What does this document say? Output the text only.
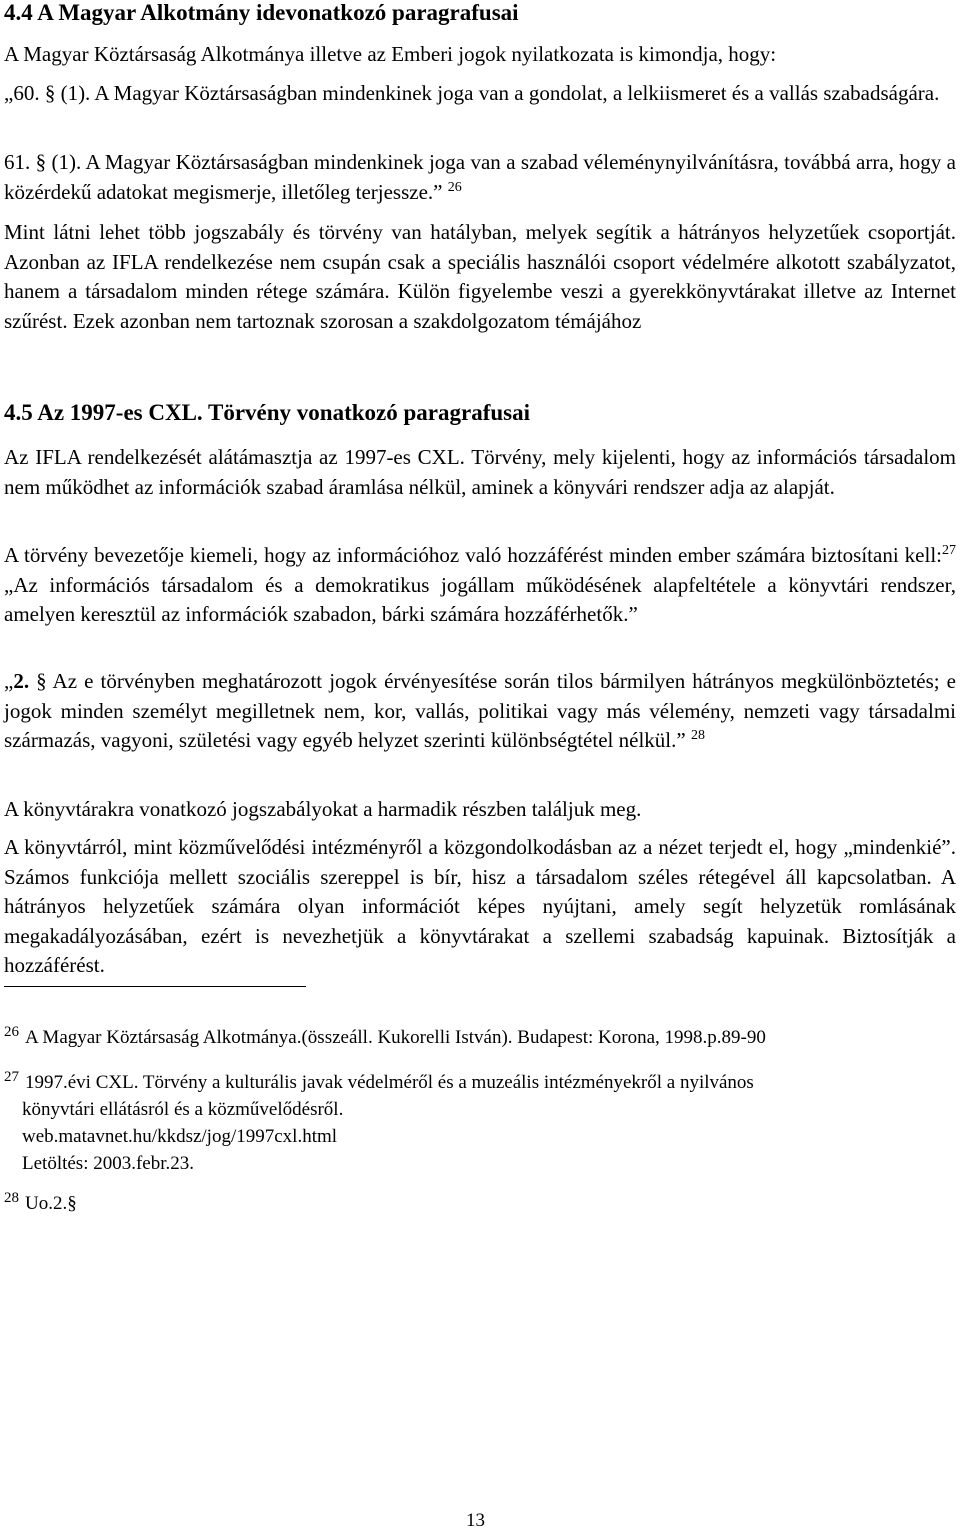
4.4 A Magyar Alkotmány idevonatkozó paragrafusai

A Magyar Köztársaság Alkotmánya illetve az Emberi jogok nyilatkozata is kimondja, hogy:

„60. § (1). A Magyar Köztársaságban mindenkinek joga van a gondolat, a lelkiismeret és a vallás szabadságára.

61. § (1). A Magyar Köztársaságban mindenkinek joga van a szabad véleménynyilvánításra, továbbá arra, hogy a közérdekű adatokat megismerje, illetőleg terjessze.” $^{26}$

Mint látni lehet több jogszabály és törvény van hatályban, melyek segítik a hátrányos helyzetűek csoportját. Azonban az IFLA rendelkezése nem csupán csak a speciális használói csoport védelmére alkotott szabályzatot, hanem a társadalom minden rétege számára. Külön figyelembe veszi a gyerekkönyvtárakat illetve az Internet szűrést. Ezek azonban nem tartoznak szorosan a szakdolgozatom témájához

4.5 Az 1997-es CXL. Törvény vonatkozó paragrafusai

Az IFLA rendelkezését alátámasztja az 1997-es CXL. Törvény, mely kijelenti, hogy az információs társadalom nem működhet az információk szabad áramlása nélkül, aminek a könyvári rendszer adja az alapját.

A törvény bevezetője kiemeli, hogy az információhoz való hozzáférést minden ember számára biztosítani kell:$^{27}$ „Az információs társadalom és a demokratikus jogállam működésének alapfeltétele a könyvtári rendszer, amelyen keresztül az információk szabadon, bárki számára hozzáférhetők.”

„2. § Az e törvényben meghatározott jogok érvényesítése során tilos bármilyen hátrányos megkülönböztetés; e jogok minden személyt megilletnek nem, kor, vallás, politikai vagy más vélemény, nemzeti vagy társadalmi származás, vagyoni, születési vagy egyéb helyzet szerinti különbségtétel nélkül.” $^{28}$

A könyvtárakra vonatkozó jogszabályokat a harmadik részben találjuk meg.

A könyvtárról, mint közművelődési intézményről a közgondolkodásban az a nézet terjedt el, hogy „mindenkié”. Számos funkciója mellett szociális szereppel is bír, hisz a társadalom széles rétegével áll kapcsolatban. A hátrányos helyzetűek számára olyan információt képes nyújtani, amely segít helyzetük romlásának megakadályozásában, ezért is nevezhetjük a könyvtárakat a szellemi szabadság kapuinak. Biztosítják a hozzáférést.

$^{26}$ A Magyar Köztársaság Alkotmánya.(összeáll. Kukorelli István). Budapest: Korona, 1998.p.89-90
$^{27}$ 1997.évi CXL. Törvény a kulturális javak védelméről és a muzeális intézményekről a nyilvános
könyvtári ellátásról és a közművelődésről.
web.matavnet.hu/kkdsz/jog/1997cxl.html
Letöltés: 2003.febr.23.
$^{28}$ Uo.2.§
13
